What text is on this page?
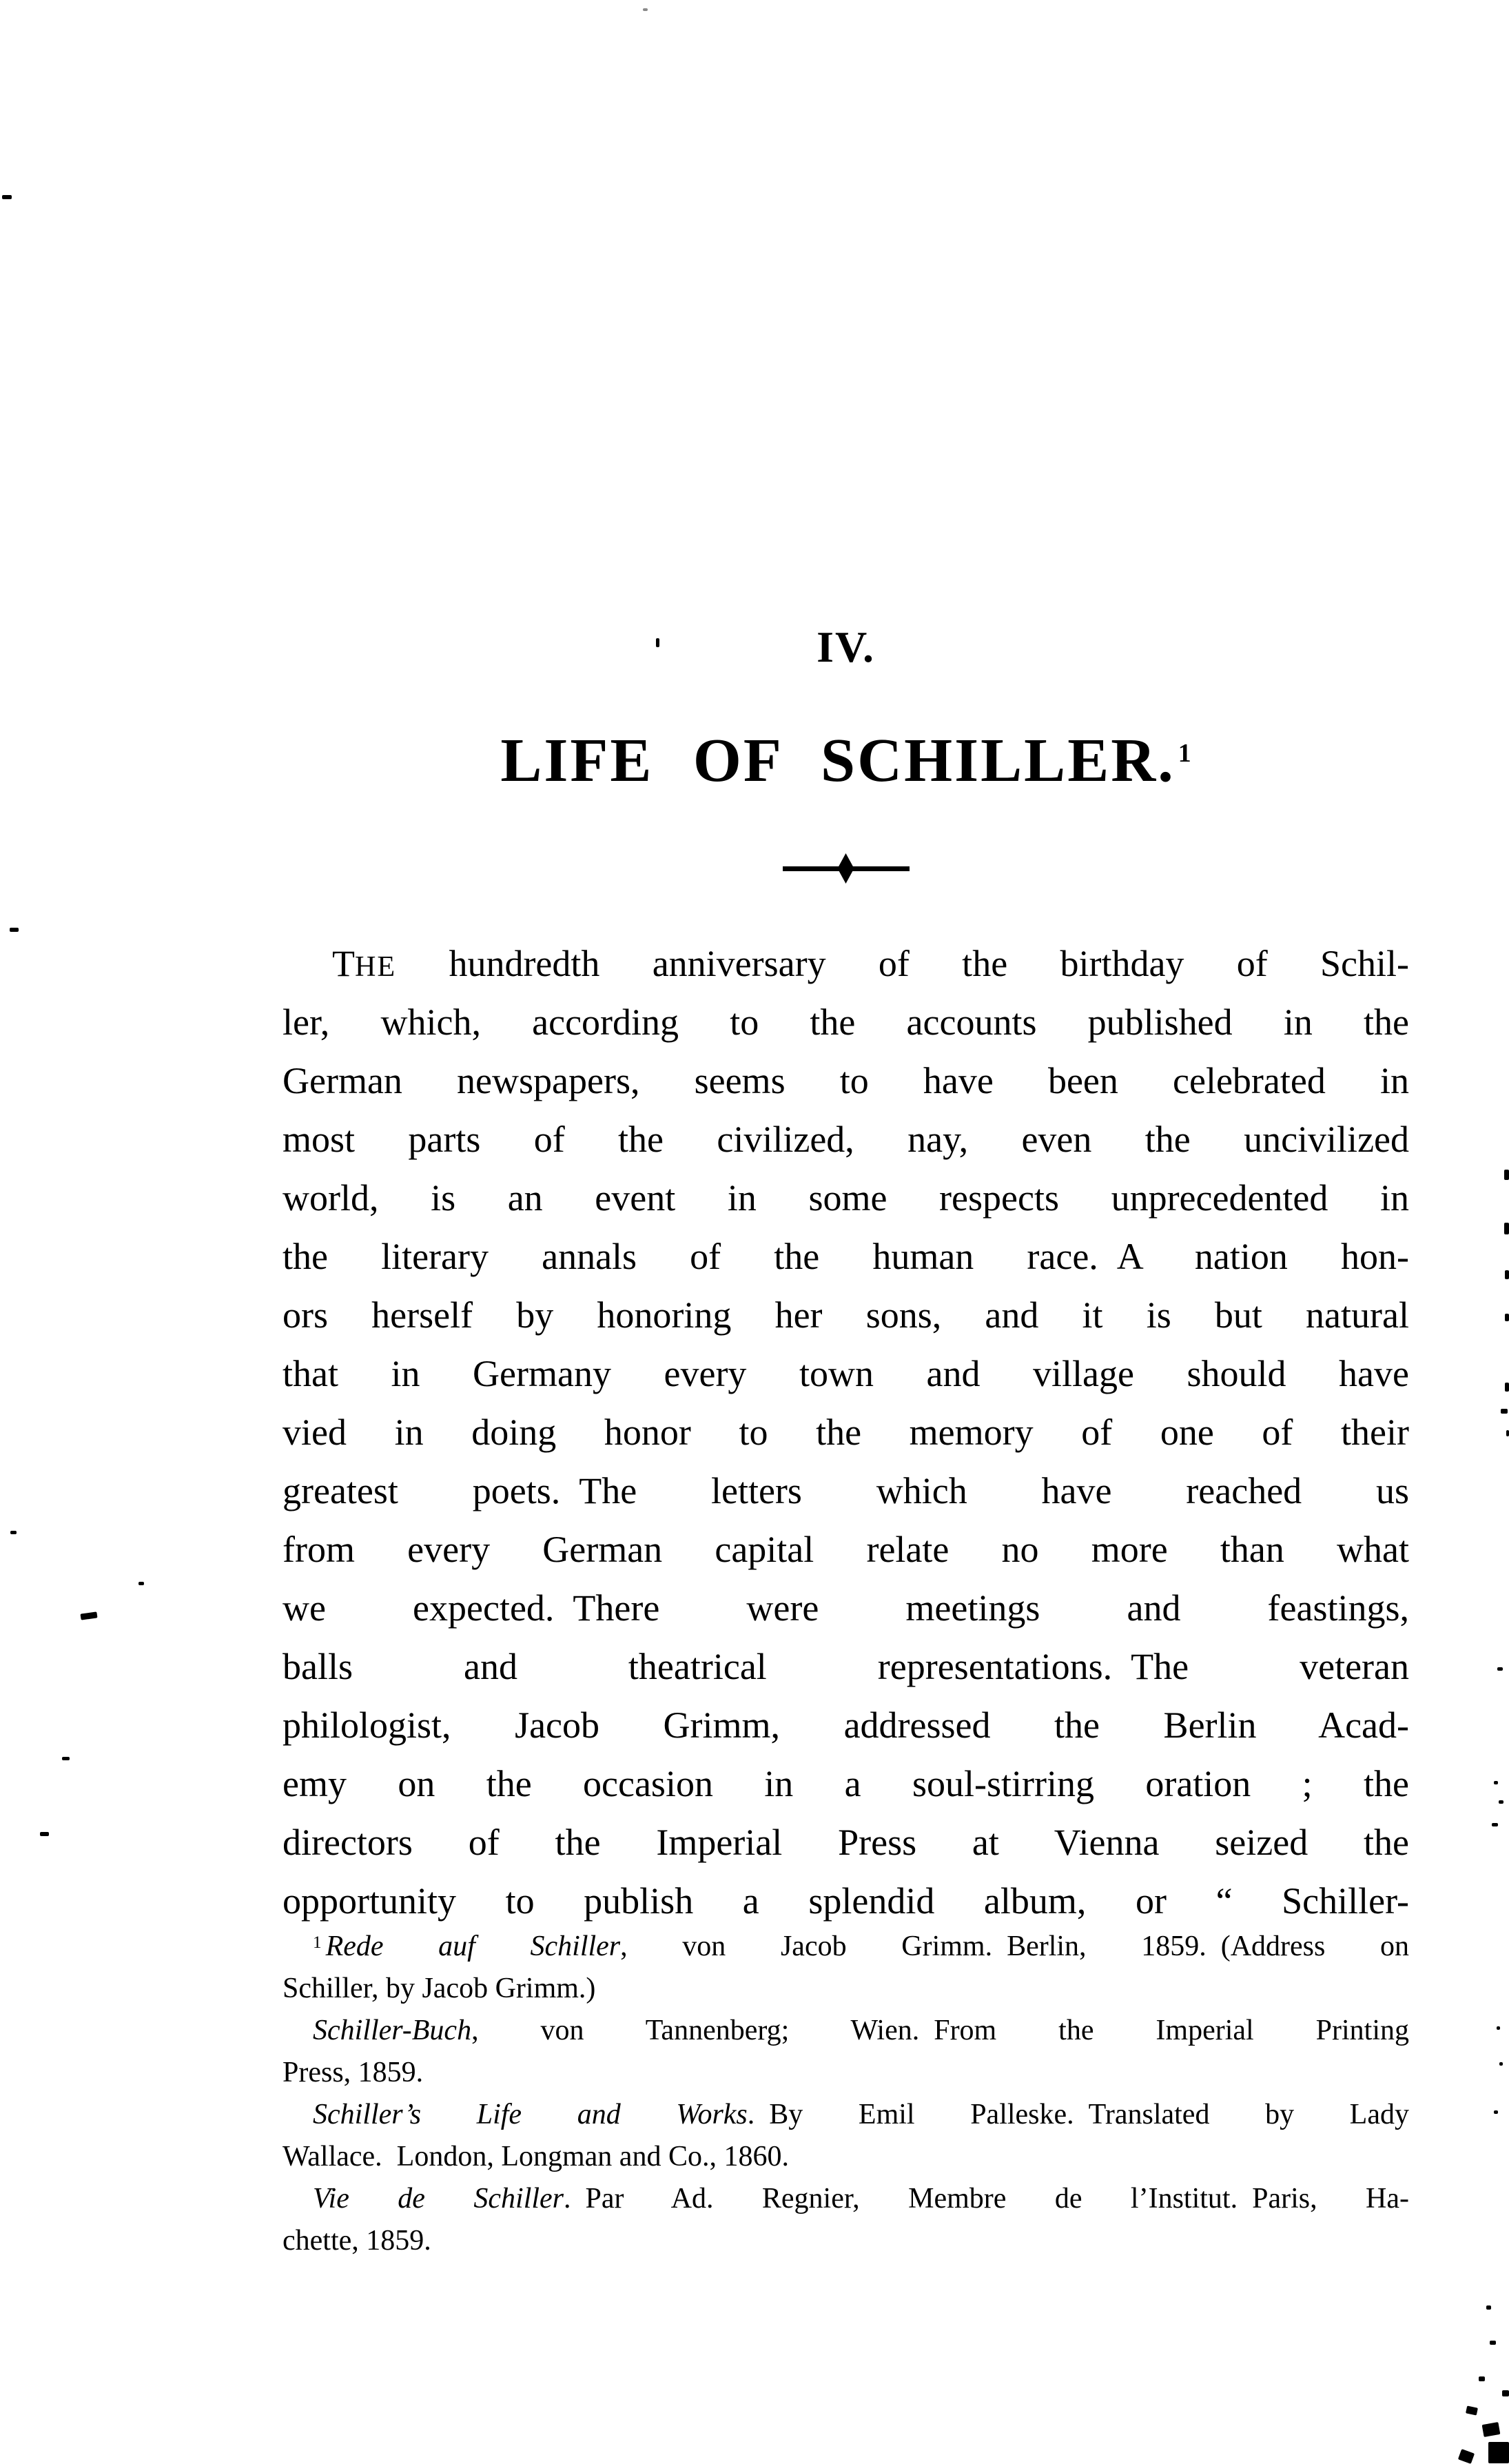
IV.
LIFE OF SCHILLER. $^1$
THE hundredth anniversary of the birthday of Schil-
ler, which, according to the accounts published in the
German newspapers, seems to have been celebrated in
most parts of the civilized, nay, even the uncivilized
world, is an event in some respects unprecedented in
the literary annals of the human race. A nation hon-
ors herself by honoring her sons, and it is but natural
that in Germany every town and village should have
vied in doing honor to the memory of one of their
greatest poets. The letters which have reached us
from every German capital relate no more than what
we expected. There were meetings and feastings,
balls and theatrical representations. The veteran
philologist, Jacob Grimm, addressed the Berlin Acad-
emy on the occasion in a soul-stirring oration ; the
directors of the Imperial Press at Vienna seized the
opportunity to publish a splendid album, or “ Schiller-
$^1$ Rede auf Schiller, von Jacob Grimm. Berlin, 1859. (Address on
Schiller, by Jacob Grimm.)
Schiller-Buch, von Tannenberg; Wien. From the Imperial Printing
Press, 1859.
Schiller’s Life and Works. By Emil Palleske. Translated by Lady
Wallace. London, Longman and Co., 1860.
Vie de Schiller. Par Ad. Regnier, Membre de l’Institut. Paris, Ha-
chette, 1859.
